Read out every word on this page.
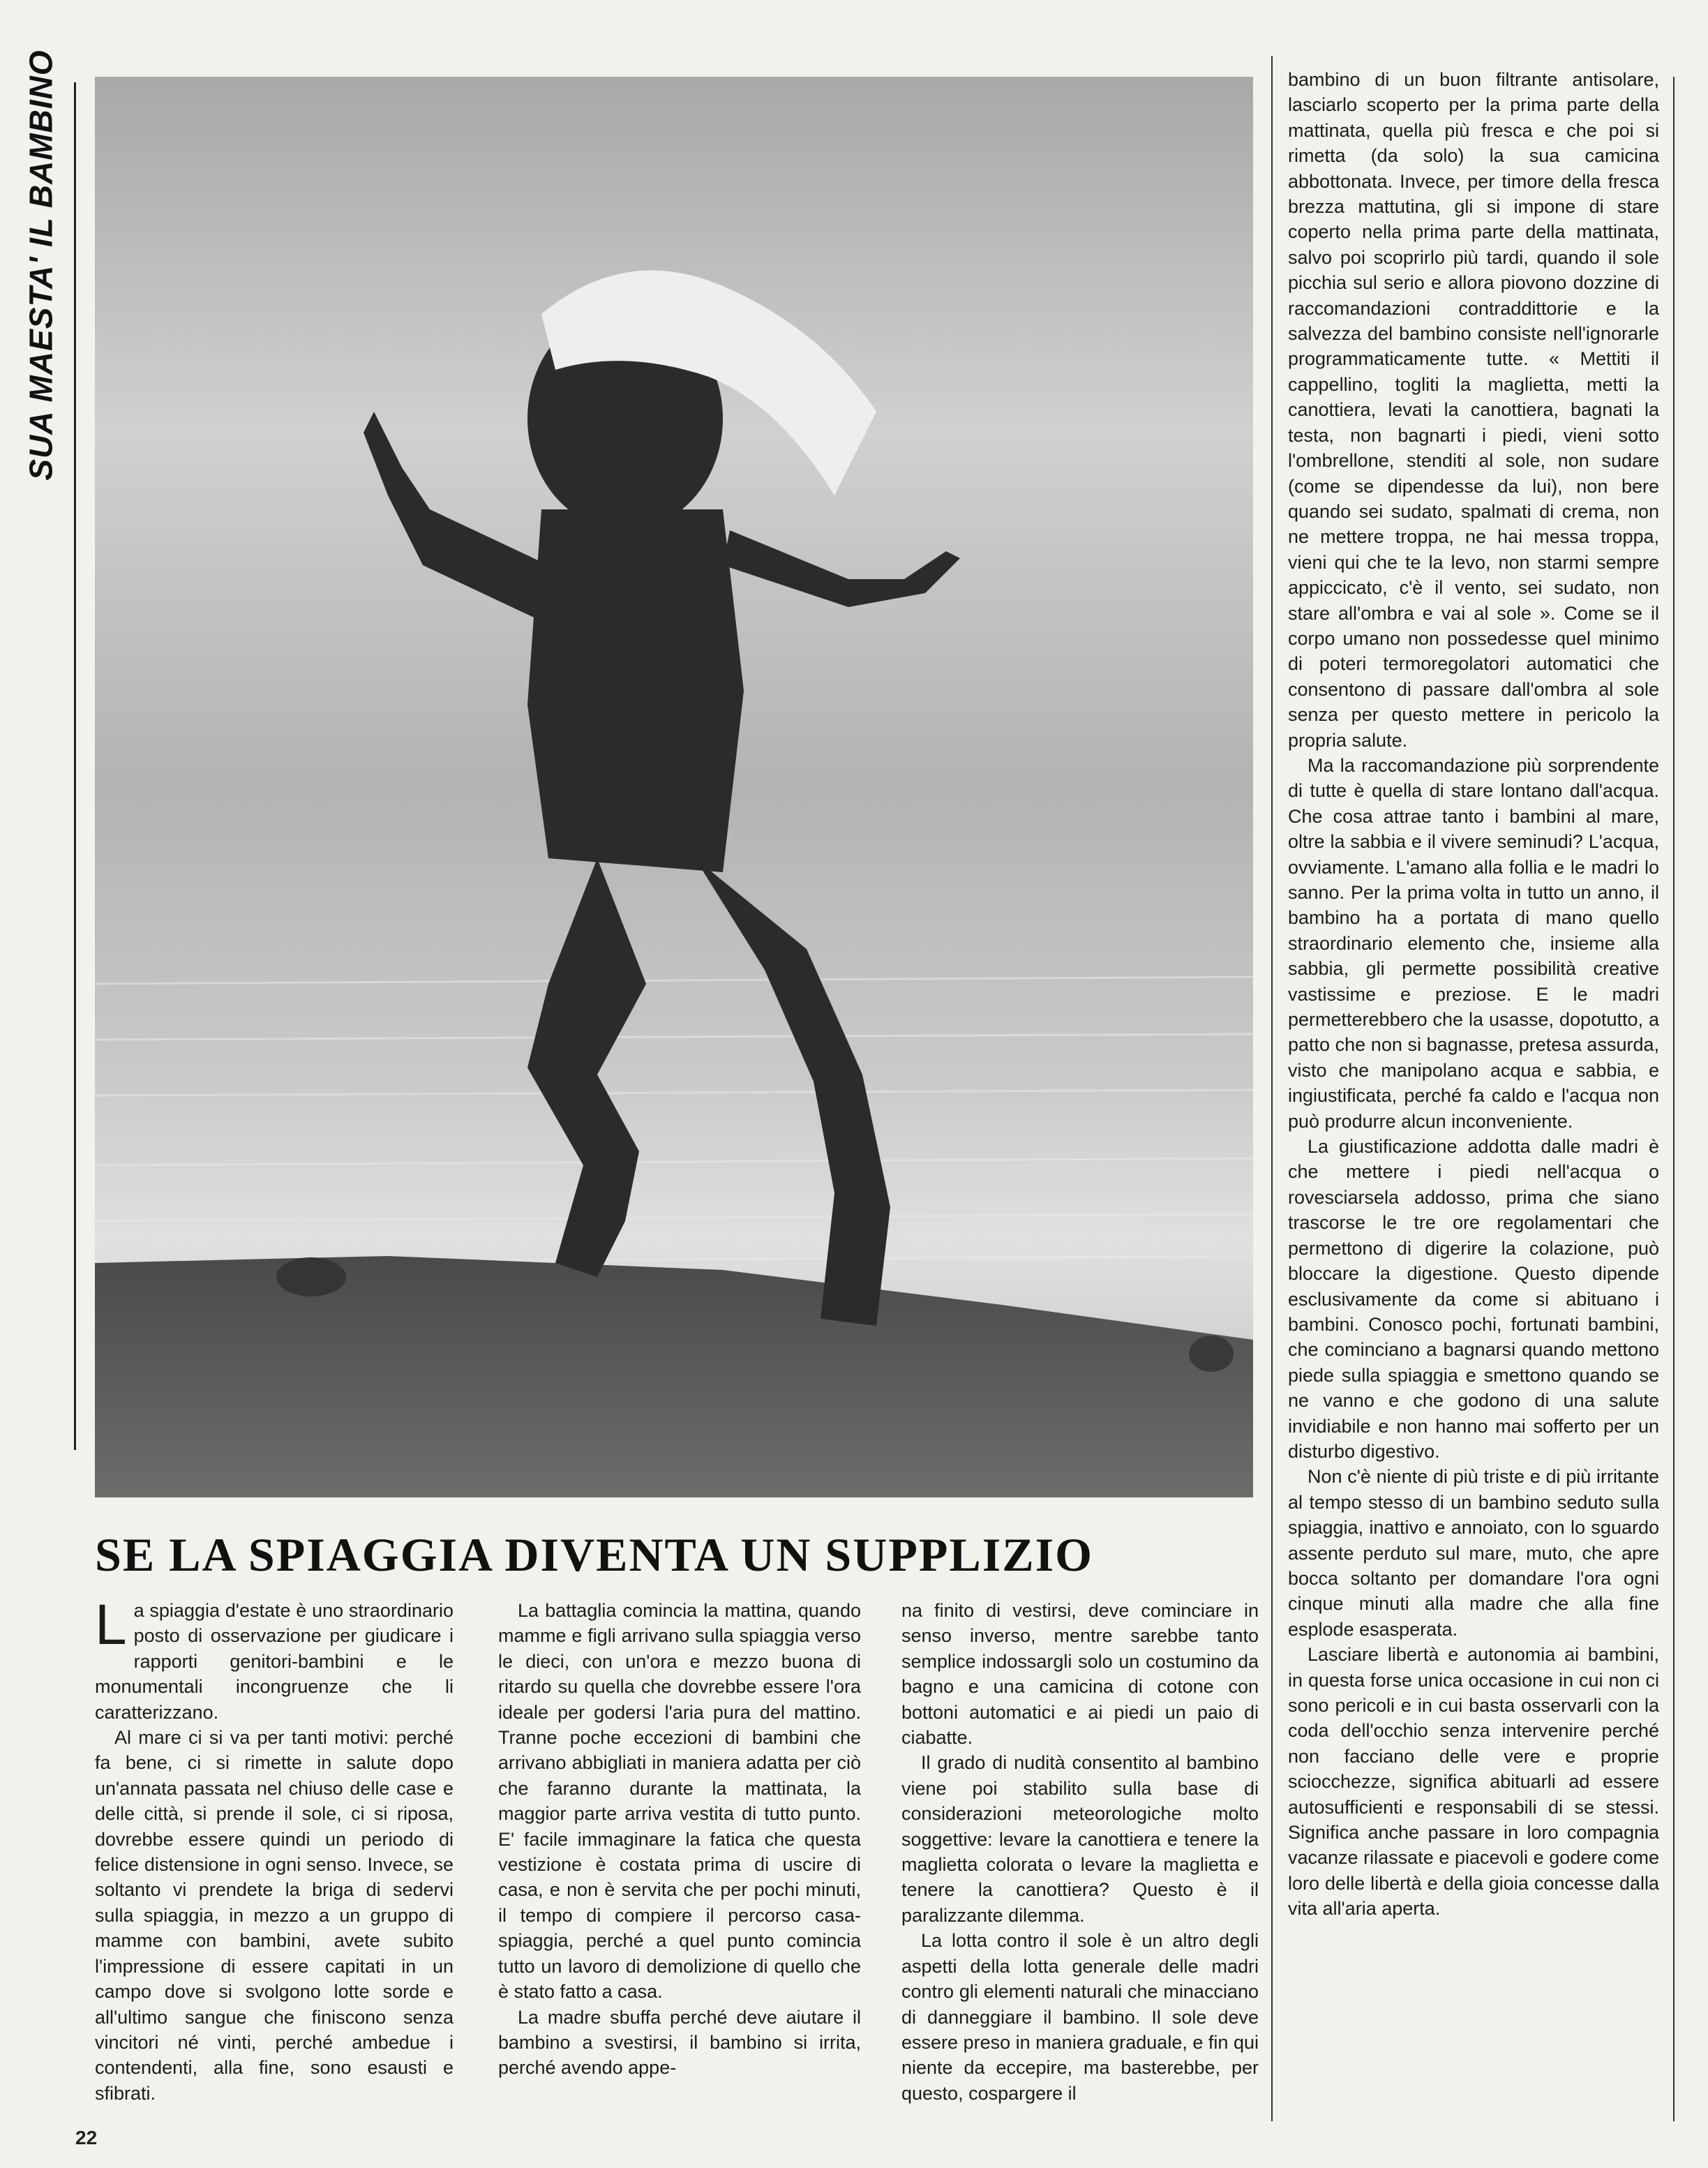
SUA MAESTA' IL BAMBINO
SE LA SPIAGGIA DIVENTA UN SUPPLIZIO

La spiaggia d'estate è uno straordinario posto di osservazione per giudicare i rapporti genitori-bambini e le monumentali incongruenze che li caratterizzano.

Al mare ci si va per tanti motivi: perché fa bene, ci si rimette in salute dopo un'annata passata nel chiuso delle case e delle città, si prende il sole, ci si riposa, dovrebbe essere quindi un periodo di felice distensione in ogni senso. Invece, se soltanto vi prendete la briga di sedervi sulla spiaggia, in mezzo a un gruppo di mamme con bambini, avete subito l'impressione di essere capitati in un campo dove si svolgono lotte sorde e all'ultimo sangue che finiscono senza vincitori né vinti, perché ambedue i contendenti, alla fine, sono esausti e sfibrati.

La battaglia comincia la mattina, quando mamme e figli arrivano sulla spiaggia verso le dieci, con un'ora e mezzo buona di ritardo su quella che dovrebbe essere l'ora ideale per godersi l'aria pura del mattino. Tranne poche eccezioni di bambini che arrivano abbigliati in maniera adatta per ciò che faranno durante la mattinata, la maggior parte arriva vestita di tutto punto. E' facile immaginare la fatica che questa vestizione è costata prima di uscire di casa, e non è servita che per pochi minuti, il tempo di compiere il percorso casa-spiaggia, perché a quel punto comincia tutto un lavoro di demolizione di quello che è stato fatto a casa.

La madre sbuffa perché deve aiutare il bambino a svestirsi, il bambino si irrita, perché avendo appe-

na finito di vestirsi, deve cominciare in senso inverso, mentre sarebbe tanto semplice indossargli solo un costumino da bagno e una camicina di cotone con bottoni automatici e ai piedi un paio di ciabatte.

Il grado di nudità consentito al bambino viene poi stabilito sulla base di considerazioni meteorologiche molto soggettive: levare la canottiera e tenere la maglietta colorata o levare la maglietta e tenere la canottiera? Questo è il paralizzante dilemma.

La lotta contro il sole è un altro degli aspetti della lotta generale delle madri contro gli elementi naturali che minacciano di danneggiare il bambino. Il sole deve essere preso in maniera graduale, e fin qui niente da eccepire, ma basterebbe, per questo, cospargere il

bambino di un buon filtrante antisolare, lasciarlo scoperto per la prima parte della mattinata, quella più fresca e che poi si rimetta (da solo) la sua camicina abbottonata. Invece, per timore della fresca brezza mattutina, gli si impone di stare coperto nella prima parte della mattinata, salvo poi scoprirlo più tardi, quando il sole picchia sul serio e allora piovono dozzine di raccomandazioni contraddittorie e la salvezza del bambino consiste nell'ignorarle programmaticamente tutte. « Mettiti il cappellino, togliti la maglietta, metti la canottiera, levati la canottiera, bagnati la testa, non bagnarti i piedi, vieni sotto l'ombrellone, stenditi al sole, non sudare (come se dipendesse da lui), non bere quando sei sudato, spalmati di crema, non ne mettere troppa, ne hai messa troppa, vieni qui che te la levo, non starmi sempre appiccicato, c'è il vento, sei sudato, non stare all'ombra e vai al sole ». Come se il corpo umano non possedesse quel minimo di poteri termoregolatori automatici che consentono di passare dall'ombra al sole senza per questo mettere in pericolo la propria salute.

Ma la raccomandazione più sorprendente di tutte è quella di stare lontano dall'acqua. Che cosa attrae tanto i bambini al mare, oltre la sabbia e il vivere seminudi? L'acqua, ovviamente. L'amano alla follia e le madri lo sanno. Per la prima volta in tutto un anno, il bambino ha a portata di mano quello straordinario elemento che, insieme alla sabbia, gli permette possibilità creative vastissime e preziose. E le madri permetterebbero che la usasse, dopotutto, a patto che non si bagnasse, pretesa assurda, visto che manipolano acqua e sabbia, e ingiustificata, perché fa caldo e l'acqua non può produrre alcun inconveniente.

La giustificazione addotta dalle madri è che mettere i piedi nell'acqua o rovesciarsela addosso, prima che siano trascorse le tre ore regolamentari che permettono di digerire la colazione, può bloccare la digestione. Questo dipende esclusivamente da come si abituano i bambini. Conosco pochi, fortunati bambini, che cominciano a bagnarsi quando mettono piede sulla spiaggia e smettono quando se ne vanno e che godono di una salute invidiabile e non hanno mai sofferto per un disturbo digestivo.

Non c'è niente di più triste e di più irritante al tempo stesso di un bambino seduto sulla spiaggia, inattivo e annoiato, con lo sguardo assente perduto sul mare, muto, che apre bocca soltanto per domandare l'ora ogni cinque minuti alla madre che alla fine esplode esasperata.

Lasciare libertà e autonomia ai bambini, in questa forse unica occasione in cui non ci sono pericoli e in cui basta osservarli con la coda dell'occhio senza intervenire perché non facciano delle vere e proprie sciocchezze, significa abituarli ad essere autosufficienti e responsabili di se stessi. Significa anche passare in loro compagnia vacanze rilassate e piacevoli e godere come loro delle libertà e della gioia concesse dalla vita all'aria aperta.

22
